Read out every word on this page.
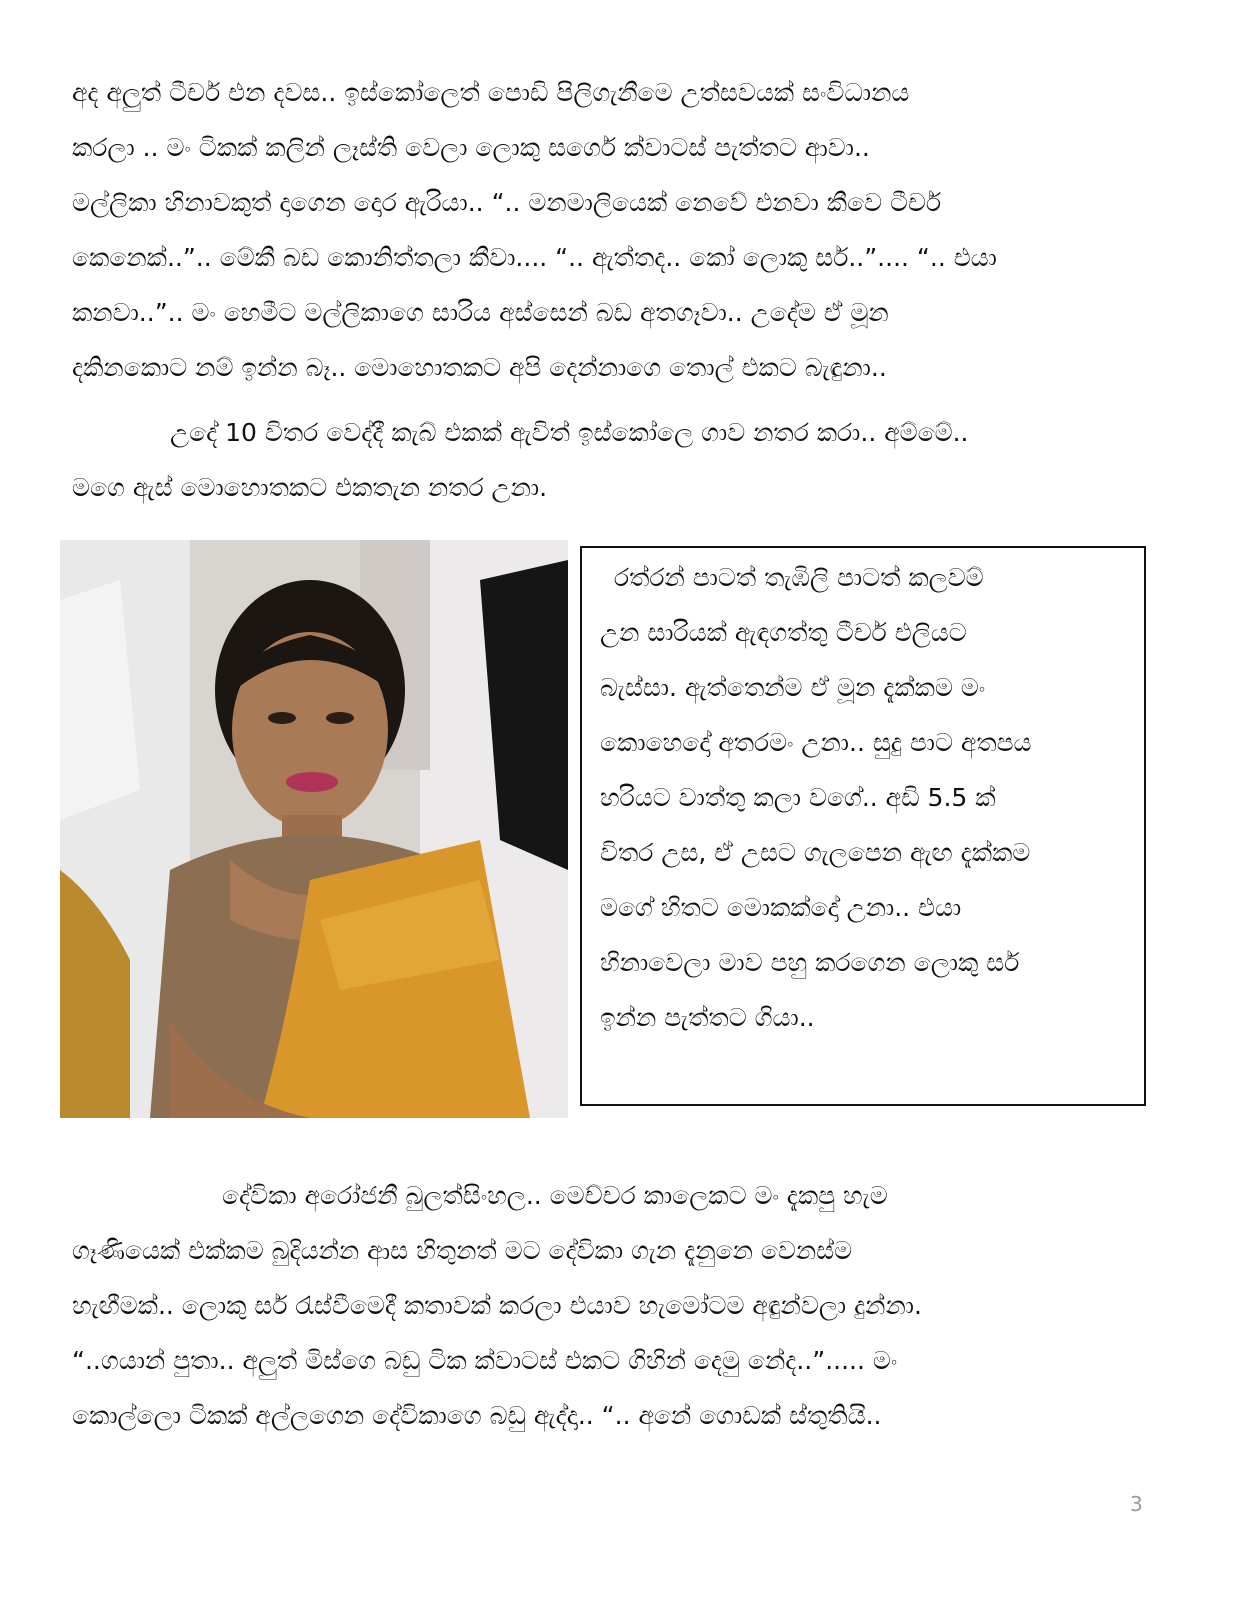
අද අලුත් ටීචර් එන දවස.. ඉස්කෝලෙත් පොඩි පිලිගැනීමෙ උත්සවයක් සංවිධානය
කරලා .. මං ටිකක් කලින් ලෑස්ති වෙලා ලොකු සර්ගෙ ක්වාටස් පැත්තට ආවා..
මල්ලිකා හිනාවකුත් දාගෙන දොර ඇරියා.. “.. මනමාලියෙක් නෙවේ එනවා කීවෙ ටීචර්
කෙනෙක්..”.. මේකී බඩ කොනිත්තලා කීවා.... “.. ඇත්තද.. කෝ ලොකු සර්..”.... “.. එයා
කනවා..”.. මං හෙමීට මල්ලිකාගෙ සාරිය අස්සෙන් බඩ අතගෑවා.. උදේම ඒ මූන
දකිනකොට නම් ඉන්න බෑ.. මොහොතකට අපි දෙන්නාගෙ තොල් එකට බැඳුනා..
උදේ 10 විතර වෙද්දී කැබ් එකක් ඇවිත් ඉස්කෝලෙ ගාව නතර කරා.. අම්මේ..
මගෙ ඇස් මොහොතකට එකතැන නතර උනා.
රත්රන් පාටත් තැඹිලි පාටත් කලවම්
උන සාරියක් ඇඳගත්තු ටීචර් එලියට
බැස්සා. ඇත්තෙන්ම ඒ මූන දැක්කම මං
කොහෙදෝ අතරමං උනා.. සුදු පාට අතපය
හරියට වාත්තු කලා වගේ.. අඩි 5.5 ක්
විතර උස, ඒ උසට ගැලපෙන ඇඟ දැක්කම
මගේ හිතට මොකක්දෝ උනා.. එයා
හිනාවෙලා මාව පහු කරගෙන ලොකු සර්
ඉන්න පැත්තට ගියා..
දේවිකා අරෝජනී බුලත්සිංහල.. මෙච්චර කාලෙකට මං දැකපු හැම
ගෑණියෙක් එක්කම බුදියන්න ආස හිතුනත් මට දේවිකා ගැන දැනුනෙ වෙනස්ම
හැඟීමක්.. ලොකු සර් රැස්වීමෙදී කතාවක් කරලා එයාව හැමෝටම අඳුන්වලා දුන්නා.
“..ගයාන් පුතා.. අලුත් මිස්ගෙ බඩු ටික ක්වාටස් එකට ගිහින් දෙමු නේද..”..... මං
කොල්ලො ටිකක් අල්ලගෙන දේවිකාගෙ බඩු ඇද්දා.. “.. අනේ ගොඩක් ස්තුතියි..
3
